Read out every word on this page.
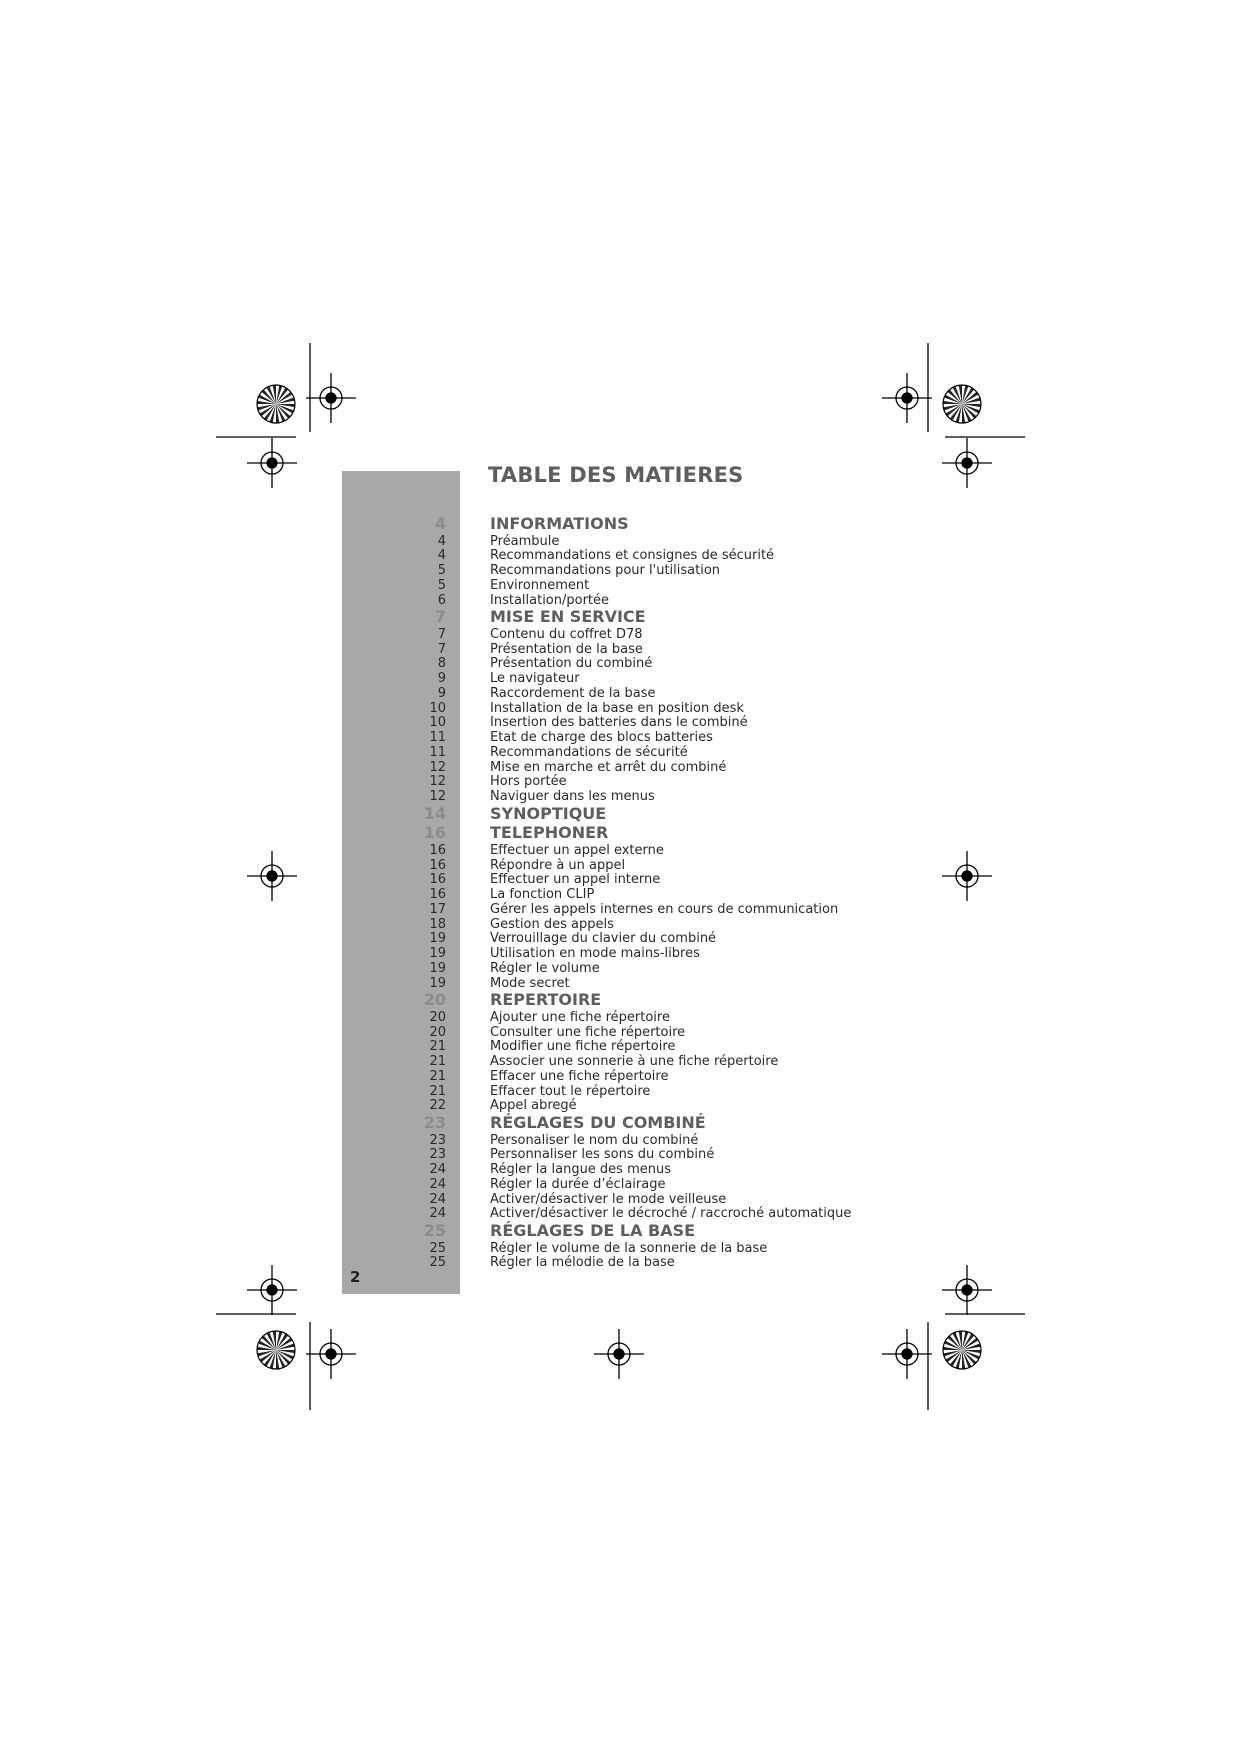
2
TABLE DES MATIERES
4	INFORMATIONS
4	Préambule
4	Recommandations et consignes de sécurité
5	Recommandations pour l'utilisation
5	Environnement
6	Installation/portée
7	MISE EN SERVICE
7	Contenu du coffret D78
7	Présentation de la base
8	Présentation du combiné
9	Le navigateur
9	Raccordement de la base
10	Installation de la base en position desk
10	Insertion des batteries dans le combiné
11	Etat de charge des blocs batteries
11	Recommandations de sécurité
12	Mise en marche et arrêt du combiné
12	Hors portée
12	Naviguer dans les menus
14	SYNOPTIQUE
16	TELEPHONER
16	Effectuer un appel externe
16	Répondre à un appel
16	Effectuer un appel interne
16	La fonction CLIP
17	Gérer les appels internes en cours de communication
18	Gestion des appels
19	Verrouillage du clavier du combiné
19	Utilisation en mode mains-libres
19	Régler le volume
19	Mode secret
20	REPERTOIRE
20	Ajouter une fiche répertoire
20	Consulter une fiche répertoire
21	Modifier une fiche répertoire
21	Associer une sonnerie à une fiche répertoire
21	Effacer une fiche répertoire
21	Effacer tout le répertoire
22	Appel abregé
23	RÉGLAGES DU COMBINÉ
23	Personaliser le nom du combiné
23	Personnaliser les sons du combiné
24	Régler la langue des menus
24	Régler la durée d’éclairage
24	Activer/désactiver le mode veilleuse
24	Activer/désactiver le décroché / raccroché automatique
25	RÉGLAGES DE LA BASE
25	Régler le volume de la sonnerie de la base
25	Régler la mélodie de la base
